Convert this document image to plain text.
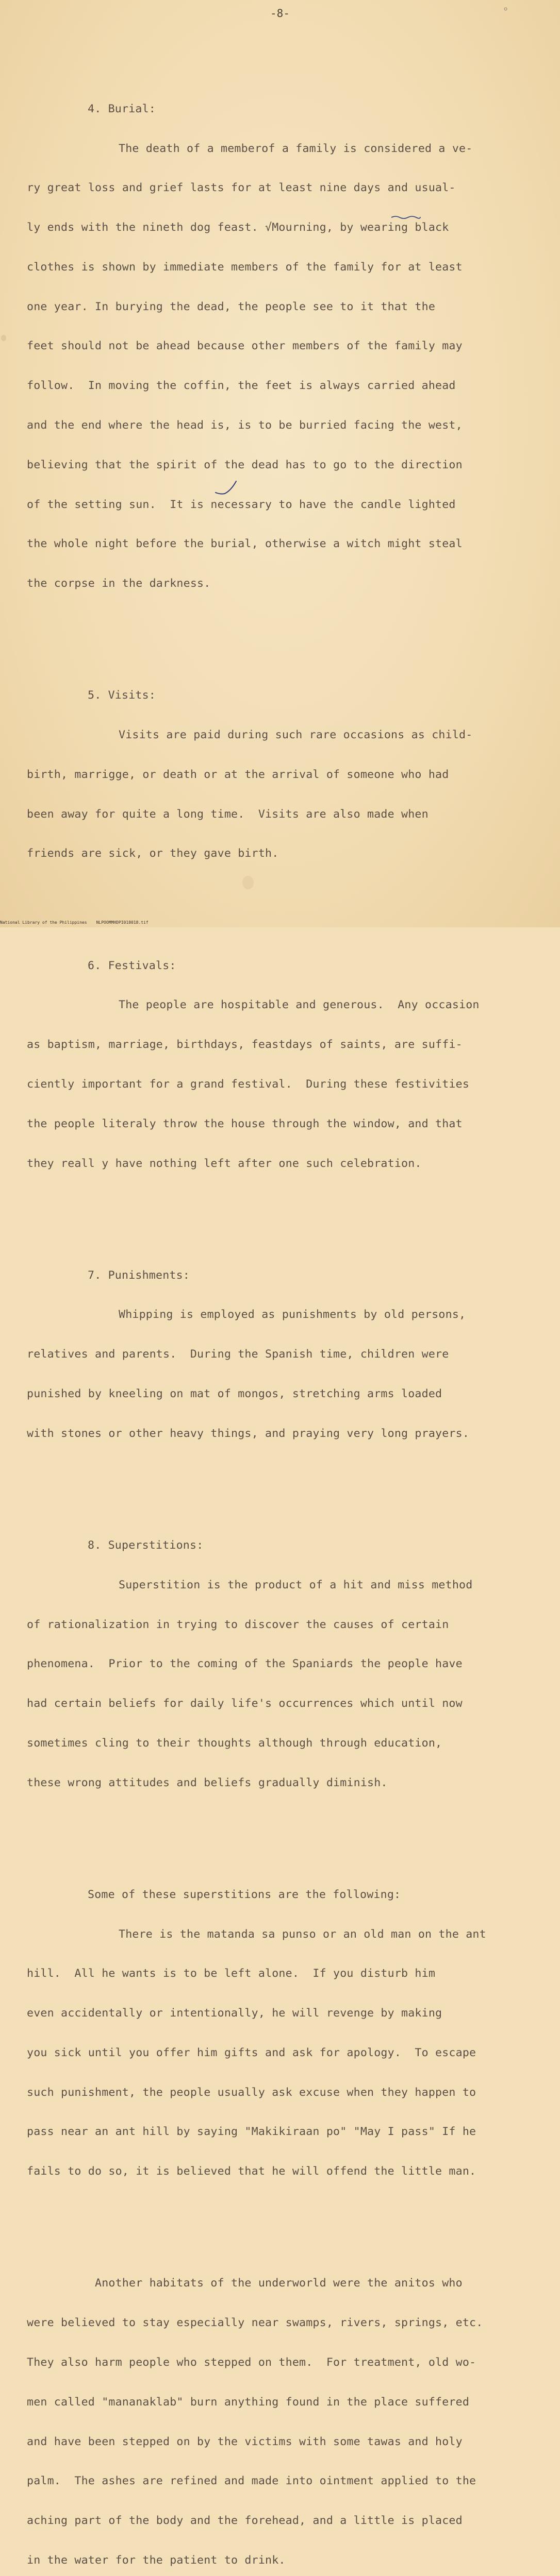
-8-	⸰

4. Burial:

The death of a memberof a family is considered a ve-

ry great loss and grief lasts for at least nine days and usual-

ly ends with the nineth dog feast. √Mourning, by wearing black

clothes is shown by immediate members of the family for at least

one year. In burying the dead, the people see to it that the

feet should not be ahead because other members of the family may

follow.  In moving the coffin, the feet is always carried ahead

and the end where the head is, is to be burried facing the west,

believing that the spirit of the dead has to go to the direction

of the setting sun.  It is necessary to have the candle lighted

the whole night before the burial, otherwise a witch might steal

the corpse in the darkness.

5. Visits:

Visits are paid during such rare occasions as child-

birth, marrigge, or death or at the arrival of someone who had

been away for quite a long time.  Visits are also made when

friends are sick, or they gave birth.

6. Festivals:

The people are hospitable and generous.  Any occasion

as baptism, marriage, birthdays, feastdays of saints, are suffi-

ciently important for a grand festival.  During these festivities

the people literaly throw the house through the window, and that

they reall y have nothing left after one such celebration.

7. Punishments:

Whipping is employed as punishments by old persons,

relatives and parents.  During the Spanish time, children were

punished by kneeling on mat of mongos, stretching arms loaded

with stones or other heavy things, and praying very long prayers.

8. Superstitions:

Superstition is the product of a hit and miss method

of rationalization in trying to discover the causes of certain

phenomena.  Prior to the coming of the Spaniards the people have

had certain beliefs for daily life's occurrences which until now

sometimes cling to their thoughts although through education,

these wrong attitudes and beliefs gradually diminish.

Some of these superstitions are the following:

There is the matanda sa punso or an old man on the ant

hill.  All he wants is to be left alone.  If you disturb him

even accidentally or intentionally, he will revenge by making

you sick until you offer him gifts and ask for apology.  To escape

such punishment, the people usually ask excuse when they happen to

pass near an ant hill by saying "Makikiraan po" "May I pass" If he

fails to do so, it is believed that he will offend the little man.

Another habitats of the underworld were the anitos who

were believed to stay especially near swamps, rivers, springs, etc.

They also harm people who stepped on them.  For treatment, old wo-

men called "mananaklab" burn anything found in the place suffered

and have been stepped on by the victims with some tawas and holy

palm.  The ashes are refined and made into ointment applied to the

aching part of the body and the forehead, and a little is placed

in the water for the patient to drink.

National Library of the Philippines NLPOOMMHDPI018018.tif
